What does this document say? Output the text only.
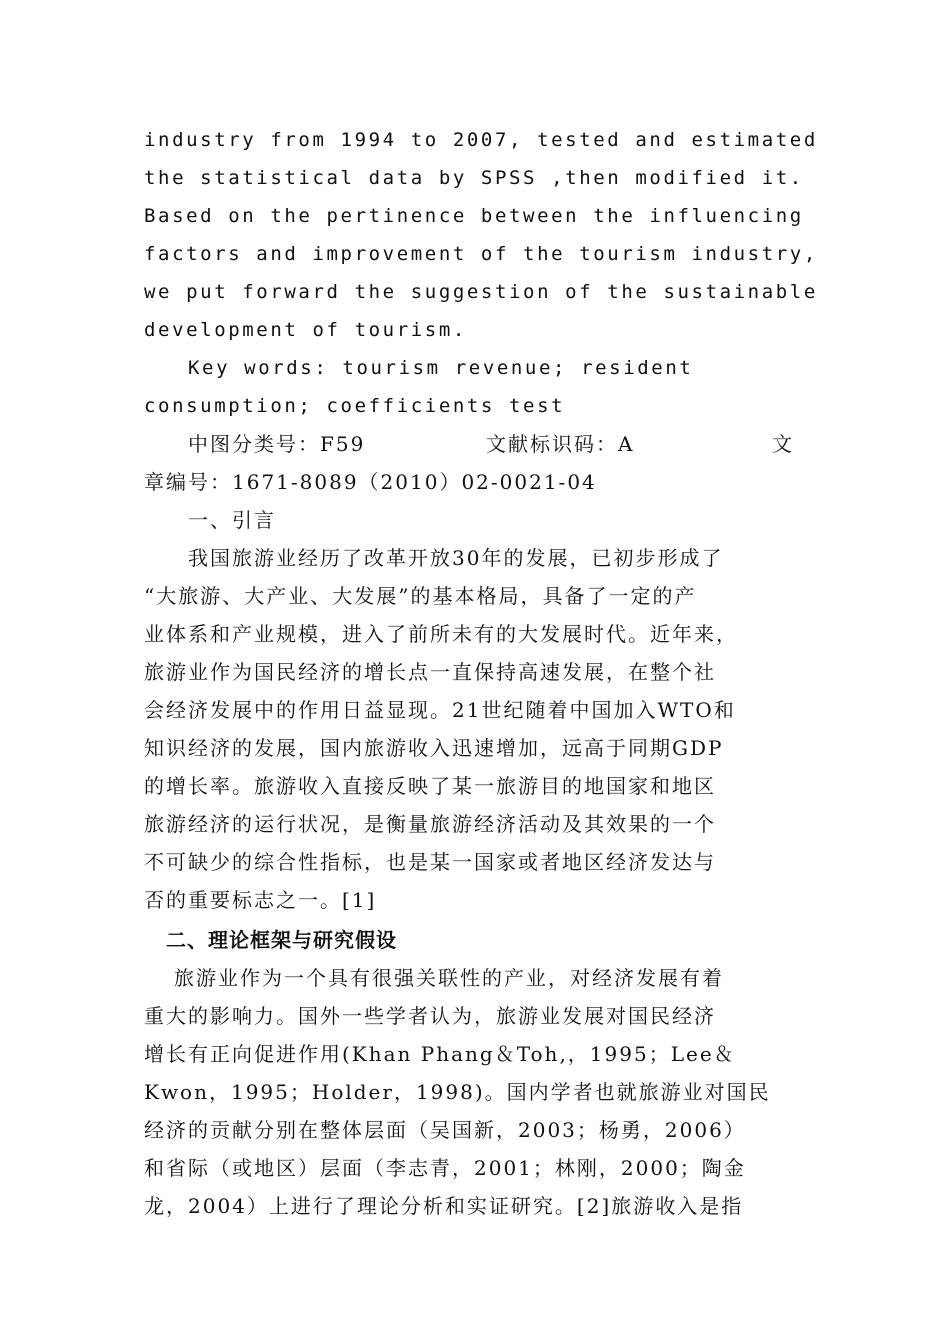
industry from 1994 to 2007, tested and estimated
the statistical data by SPSS ,then modified it.
Based on the pertinence between the influencing
factors and improvement of the tourism industry,
we put forward the suggestion of the sustainable
development of tourism.
Key words: tourism revenue; resident
consumption; coefficients test
中图分类号：F59	文献标识码：A	文
章编号：1671-8089（2010）02-0021-04
一、引言
我国旅游业经历了改革开放30年的发展，已初步形成了
“大旅游、大产业、大发展”的基本格局，具备了一定的产
业体系和产业规模，进入了前所未有的大发展时代。近年来，
旅游业作为国民经济的增长点一直保持高速发展，在整个社
会经济发展中的作用日益显现。21世纪随着中国加入WTO和
知识经济的发展，国内旅游收入迅速增加，远高于同期GDP
的增长率。旅游收入直接反映了某一旅游目的地国家和地区
旅游经济的运行状况，是衡量旅游经济活动及其效果的一个
不可缺少的综合性指标，也是某一国家或者地区经济发达与
否的重要标志之一。[1]
二、理论框架与研究假设
旅游业作为一个具有很强关联性的产业，对经济发展有着
重大的影响力。国外一些学者认为，旅游业发展对国民经济
增长有正向促进作用(Khan Phang＆Toh,，1995；Lee＆
Kwon，1995；Holder，1998)。国内学者也就旅游业对国民
经济的贡献分别在整体层面（吴国新，2003；杨勇，2006）
和省际（或地区）层面（李志青，2001；林刚，2000；陶金
龙，2004）上进行了理论分析和实证研究。[2]旅游收入是指
